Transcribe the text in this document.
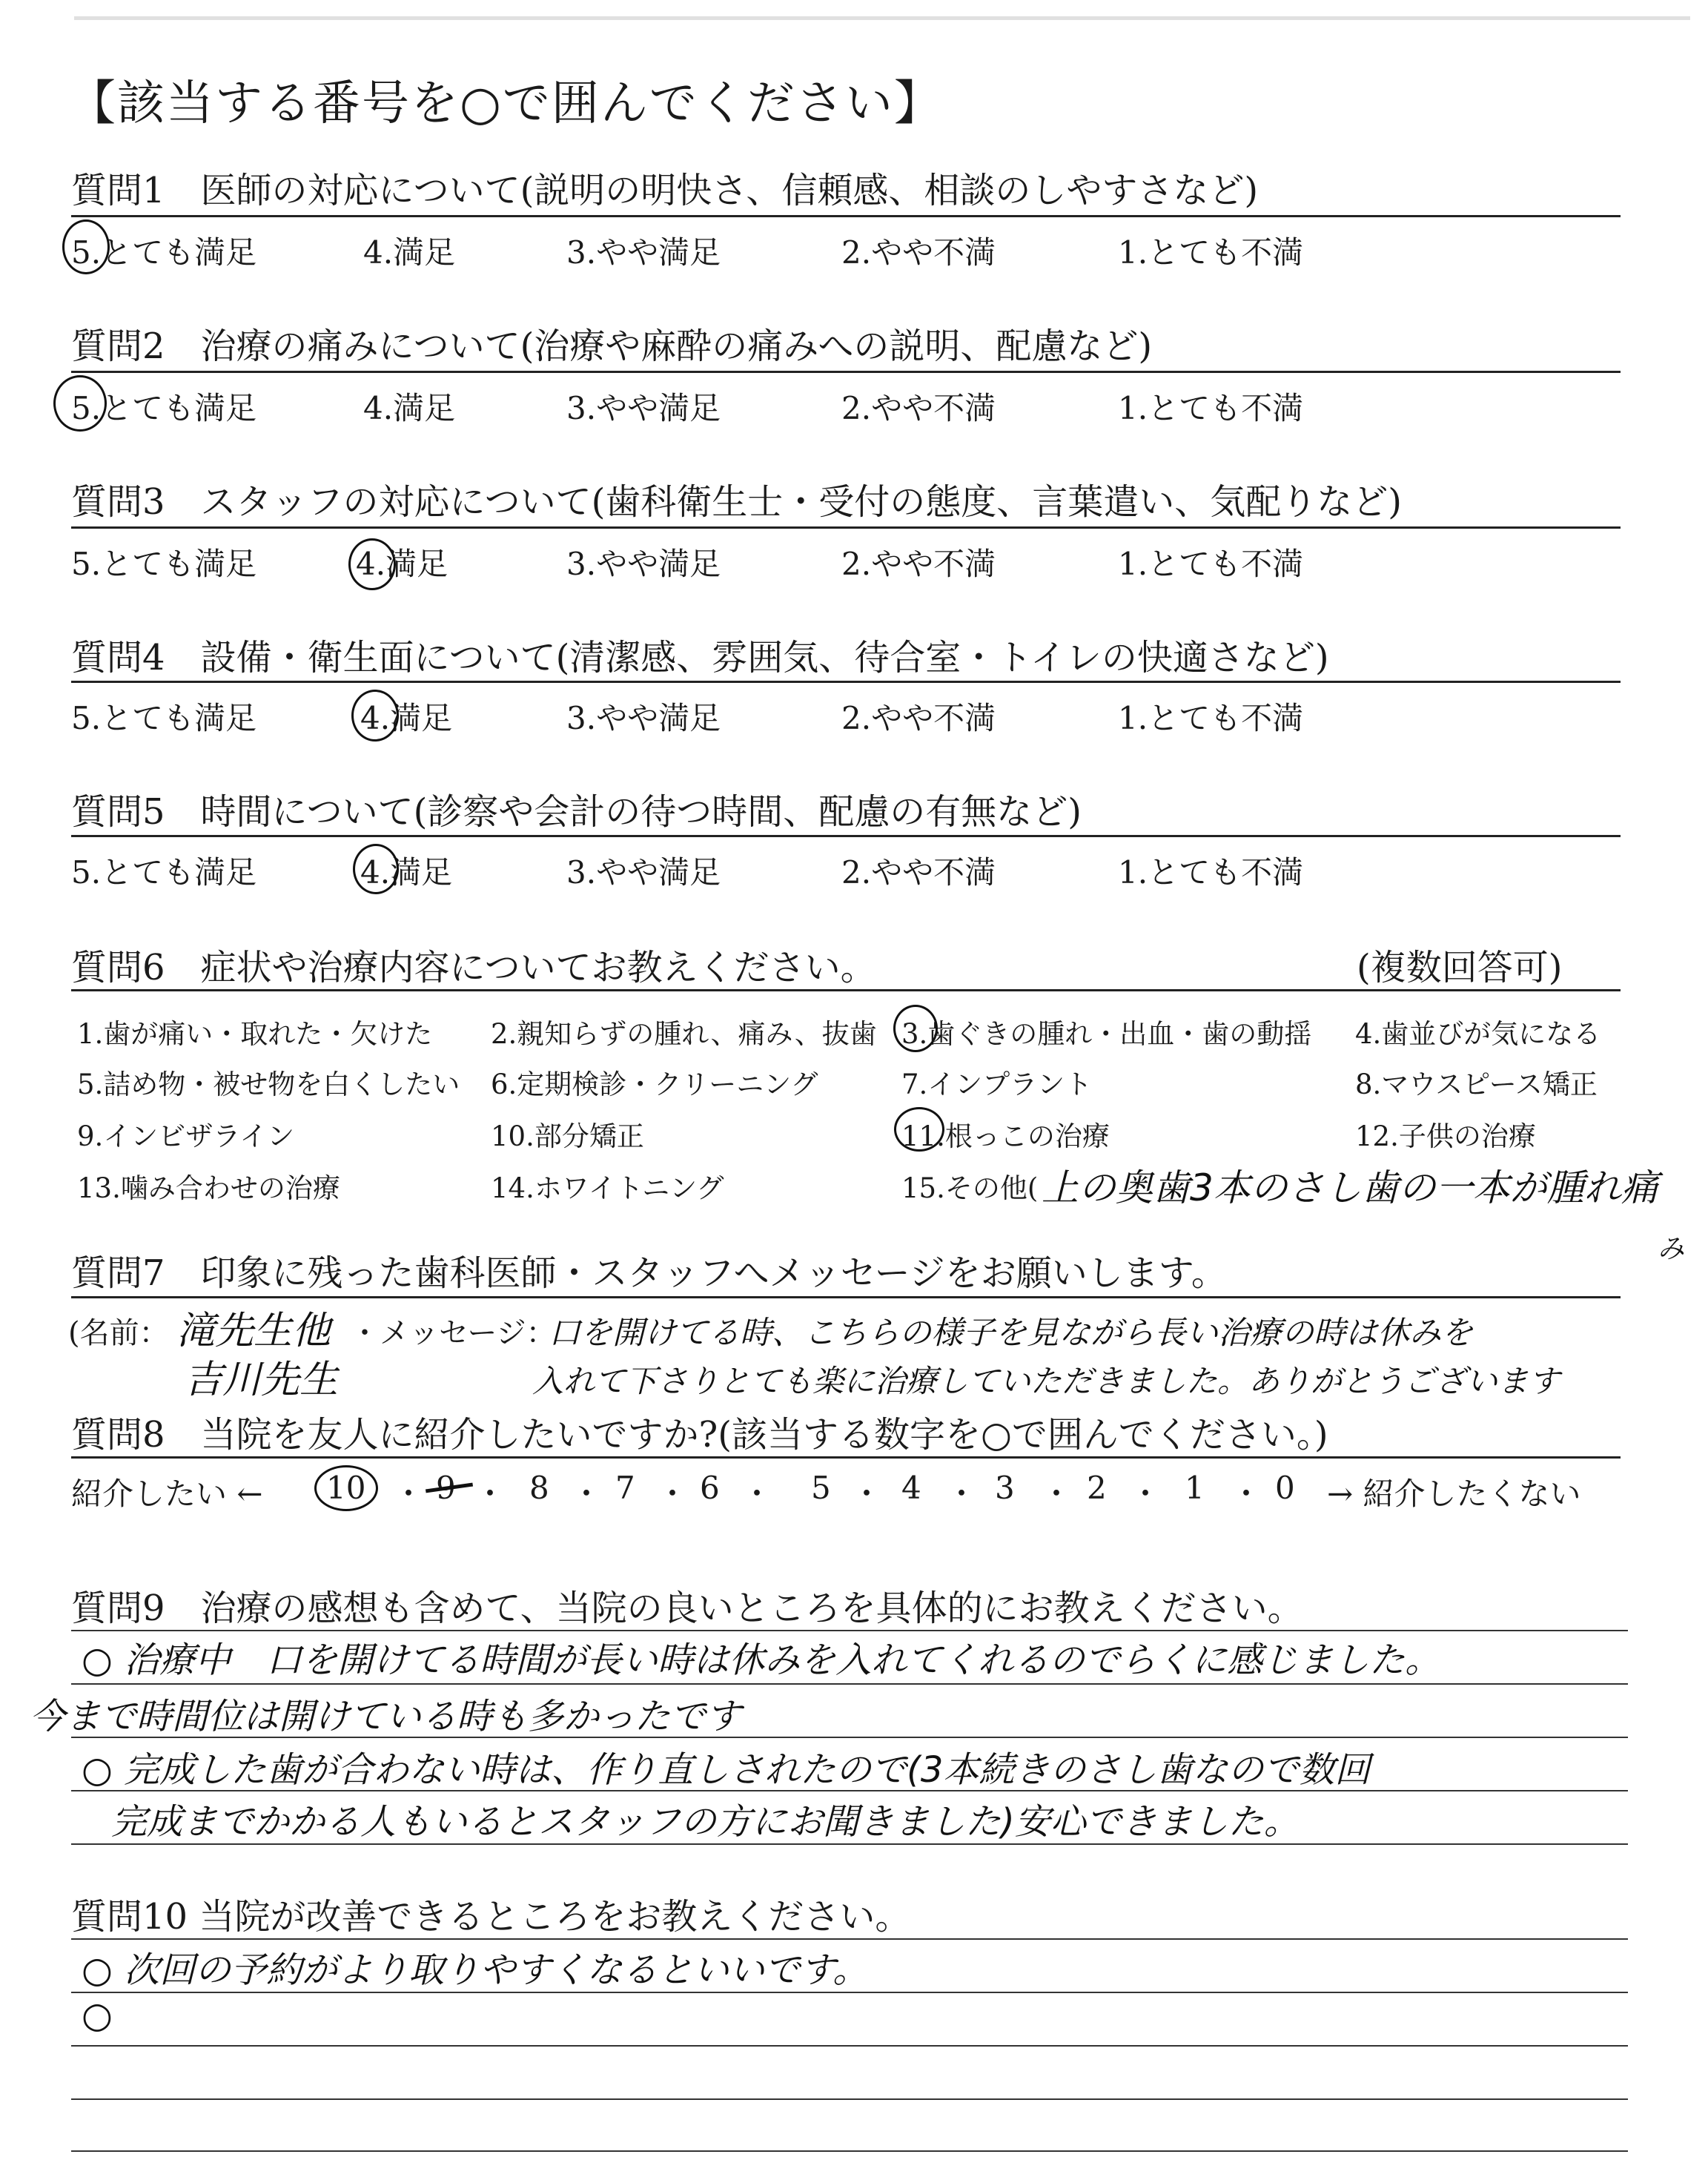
【該当する番号を○で囲んでください】
質問1　医師の対応について(説明の明快さ、信頼感、相談のしやすさなど)
5.とても満足	4.満足	3.やや満足	2.やや不満	1.とても不満
質問2　治療の痛みについて(治療や麻酔の痛みへの説明、配慮など)
5.とても満足	4.満足	3.やや満足	2.やや不満	1.とても不満
質問3　スタッフの対応について(歯科衛生士・受付の態度、言葉遣い、気配りなど)
5.とても満足	4.満足	3.やや満足	2.やや不満	1.とても不満
質問4　設備・衛生面について(清潔感、雰囲気、待合室・トイレの快適さなど)
5.とても満足	4.満足	3.やや満足	2.やや不満	1.とても不満
質問5　時間について(診察や会計の待つ時間、配慮の有無など)
5.とても満足	4.満足	3.やや満足	2.やや不満	1.とても不満
質問6　症状や治療内容についてお教えください。	(複数回答可)
1.歯が痛い・取れた・欠けた 2.親知らずの腫れ、痛み、抜歯 3.歯ぐきの腫れ・出血・歯の動揺 4.歯並びが気になる
5.詰め物・被せ物を白くしたい 6.定期検診・クリーニング	7.インプラント	8.マウスピース矯正
9.インビザライン	10.部分矯正	11.根っこの治療	12.子供の治療
13.噛み合わせの治療	14.ホワイトニング	15.その他( 上の奥歯3本のさし歯の一本が腫れ痛
み
質問7　印象に残った歯科医師・スタッフへメッセージをお願いします。
(名前：	・メッセージ：
滝先生他
吉川先生
口を開けてる時、こちらの様子を見ながら長い治療の時は休みを
入れて下さりとても楽に治療していただきました。ありがとうございます
質問8　当院を友人に紹介したいですか?(該当する数字を○で囲んでください。)
紹介したい ← 10 ・ ・ 8 ・ 7 ・ 6 ・ 5 ・ 4 ・ 3 ・ 2 ・ 1 ・ 0 → 紹介したくない
質問9　治療の感想も含めて、当院の良いところを具体的にお教えください。
○ 治療中　口を開けてる時間が長い時は休みを入れてくれるのでらくに感じました。
今まで時間位は開けている時も多かったです
○ 完成した歯が合わない時は、作り直しされたので(3本続きのさし歯なので数回
完成までかかる人もいるとスタッフの方にお聞きました)安心できました。
質問10 当院が改善できるところをお教えください。
○ 次回の予約がより取りやすくなるといいです。
○
